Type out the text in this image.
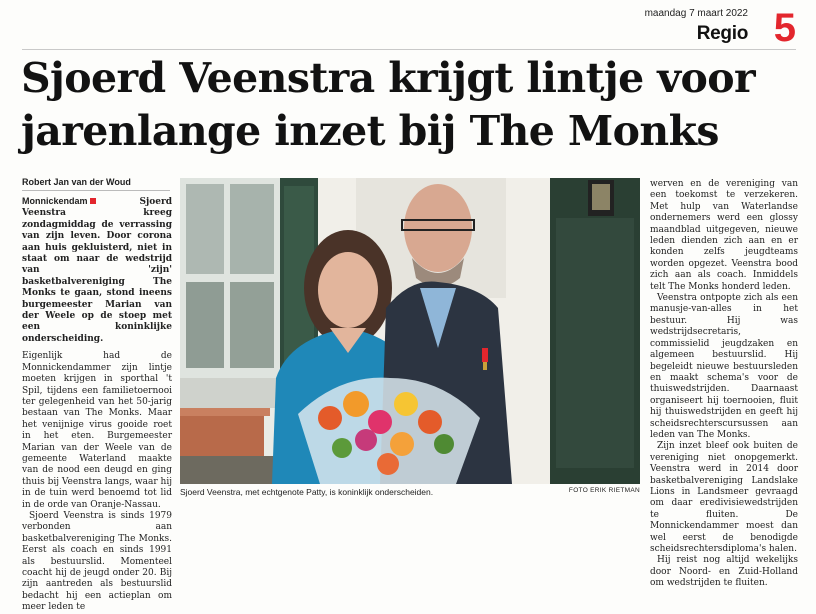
maandag 7 maart 2022
Regio 5
Sjoerd Veenstra krijgt lintje voor
jarenlange inzet bij The Monks
Robert Jan van der Woud

Monnickendam	Sjoerd Veenstra kreeg zondagmiddag de verrassing van zijn leven. Door corona aan huis gekluisterd, niet in staat om naar de wedstrijd van 'zijn' basketbalvereniging The Monks te gaan, stond ineens burgemeester Marian van der Weele op de stoep met een koninklijke onderscheiding.

Eigenlijk had de Monnickendammer zijn lintje moeten krijgen in sporthal 't Spil, tijdens een familietoernooi ter gelegenheid van het 50-jarig bestaan van The Monks. Maar het venijnige virus gooide roet in het eten. Burgemeester Marian van der Weele van de gemeente Waterland maakte van de nood een deugd en ging thuis bij Veenstra langs, waar hij in de tuin werd benoemd tot lid in de orde van Oranje-Nassau.

Sjoerd Veenstra is sinds 1979 verbonden aan basketbalvereniging The Monks. Eerst als coach en sinds 1991 als bestuurslid. Momenteel coacht hij de jeugd onder 20. Bij zijn aantreden als bestuurslid bedacht hij een actieplan om meer leden te

Sjoerd Veenstra, met echtgenote Patty, is koninklijk onderscheiden.	FOTO ERIK RIETMAN

werven en de vereniging van een toekomst te verzekeren. Met hulp van Waterlandse ondernemers werd een glossy maandblad uitgegeven, nieuwe leden dienden zich aan en er konden zelfs jeugdteams worden opgezet. Veenstra bood zich aan als coach. Inmiddels telt The Monks honderd leden.

Veenstra ontpopte zich als een manusje-van-alles in het bestuur. Hij was wedstrijdsecretaris, commissielid jeugdzaken en algemeen bestuurslid. Hij begeleidt nieuwe bestuursleden en maakt schema's voor de thuiswedstrijden. Daarnaast organiseert hij toernooien, fluit hij thuiswedstrijden en geeft hij scheidsrechterscursussen aan leden van The Monks.

Zijn inzet bleef ook buiten de vereniging niet onopgemerkt. Veenstra werd in 2014 door basketbalvereniging Landslake Lions in Landsmeer gevraagd om daar eredivisiewedstrijden te fluiten. De Monnickendammer moest dan wel eerst de benodigde scheidsrechtersdiploma's halen.

Hij reist nog altijd wekelijks door Noord- en Zuid-Holland om wedstrijden te fluiten.
